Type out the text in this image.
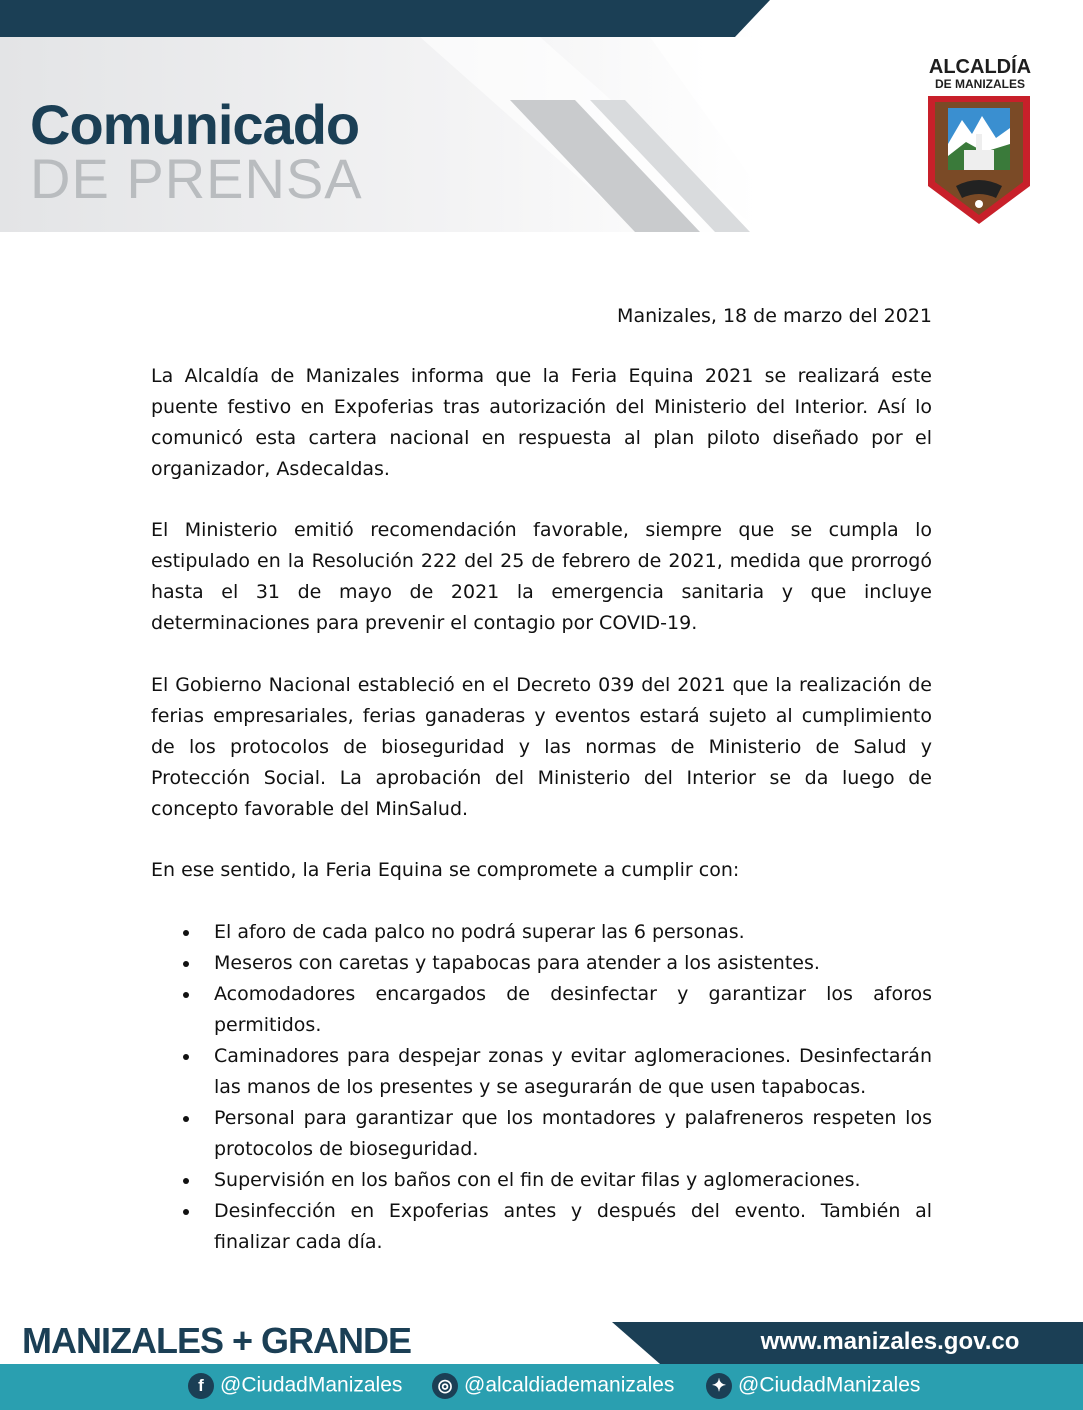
Comunicado
DE PRENSA
ALCALDÍA
DE MANIZALES
Manizales, 18 de marzo del 2021
La Alcaldía de Manizales informa que la Feria Equina 2021 se realizará este puente festivo en Expoferias tras autorización del Ministerio del Interior. Así lo comunicó esta cartera nacional en respuesta al plan piloto diseñado por el organizador, Asdecaldas.
El Ministerio emitió recomendación favorable, siempre que se cumpla lo estipulado en la Resolución 222 del 25 de febrero de 2021, medida que prorrogó hasta el 31 de mayo de 2021 la emergencia sanitaria y que incluye determinaciones para prevenir el contagio por COVID-19.
El Gobierno Nacional estableció en el Decreto 039 del 2021 que la realización de ferias empresariales, ferias ganaderas y eventos estará sujeto al cumplimiento de los protocolos de bioseguridad y las normas de Ministerio de Salud y Protección Social. La aprobación del Ministerio del Interior se da luego de concepto favorable del MinSalud.
En ese sentido, la Feria Equina se compromete a cumplir con:
El aforo de cada palco no podrá superar las 6 personas.
Meseros con caretas y tapabocas para atender a los asistentes.
Acomodadores encargados de desinfectar y garantizar los aforos permitidos.
Caminadores para despejar zonas y evitar aglomeraciones. Desinfectarán las manos de los presentes y se asegurarán de que usen tapabocas.
Personal para garantizar que los montadores y palafreneros respeten los protocolos de bioseguridad.
Supervisión en los baños con el fin de evitar filas y aglomeraciones.
Desinfección en Expoferias antes y después del evento. También al finalizar cada día.
MANIZALES + GRANDE	www.manizales.gov.co
f @CiudadManizales	◎ @alcaldiademanizales	✦ @CiudadManizales
